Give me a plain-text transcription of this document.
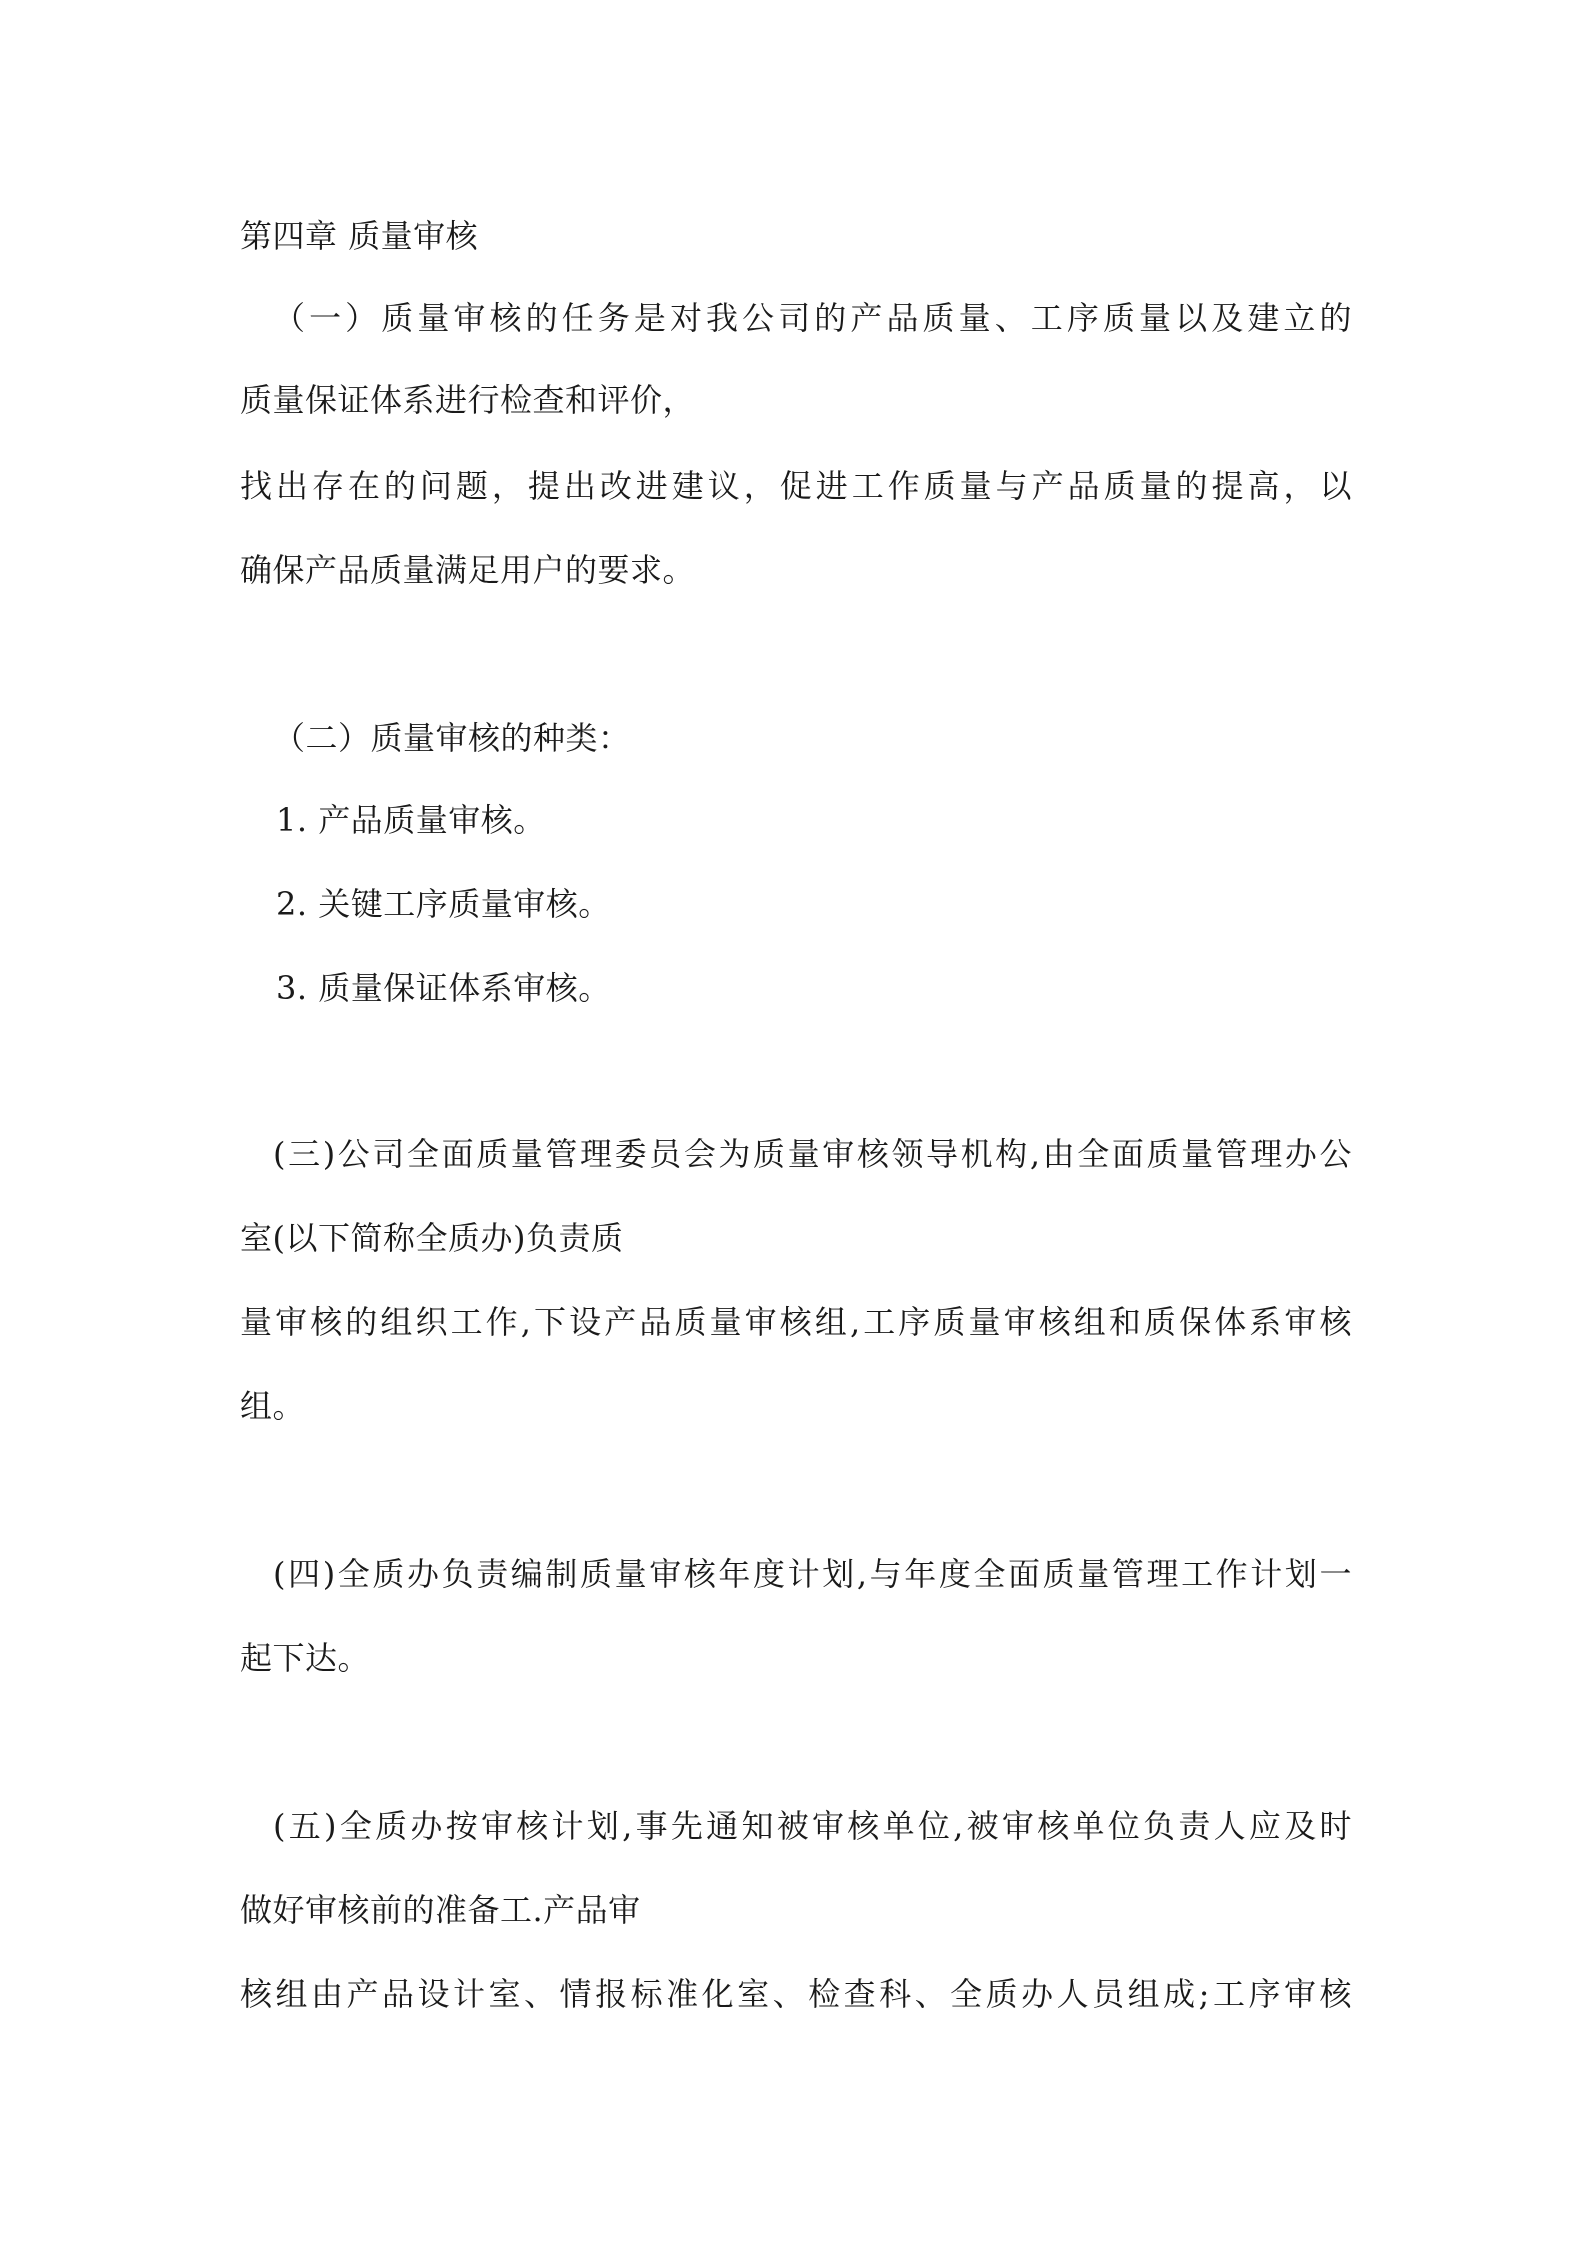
第四章 质量审核
（一）质量审核的任务是对我公司的产品质量、工序质量以及建立的
质量保证体系进行检查和评价，
找出存在的问题，提出改进建议，促进工作质量与产品质量的提高，以
确保产品质量满足用户的要求。
（二）质量审核的种类：
1. 产品质量审核。
2. 关键工序质量审核。
3. 质量保证体系审核。
(三)公司全面质量管理委员会为质量审核领导机构,由全面质量管理办公
室(以下简称全质办)负责质
量审核的组织工作,下设产品质量审核组,工序质量审核组和质保体系审核
组。
(四)全质办负责编制质量审核年度计划,与年度全面质量管理工作计划一
起下达。
(五)全质办按审核计划,事先通知被审核单位,被审核单位负责人应及时
做好审核前的准备工.产品审
核组由产品设计室、情报标准化室、检查科、全质办人员组成;工序审核
